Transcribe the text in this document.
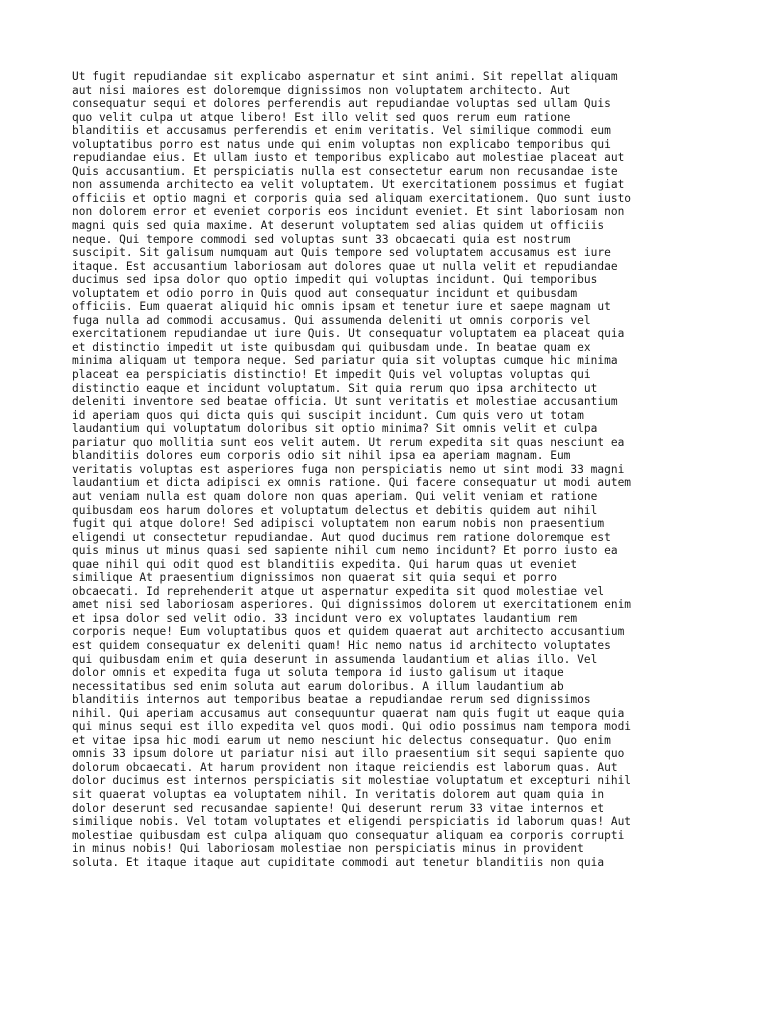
Ut fugit repudiandae sit explicabo aspernatur et sint animi. Sit repellat aliquam
aut nisi maiores est doloremque dignissimos non voluptatem architecto. Aut
consequatur sequi et dolores perferendis aut repudiandae voluptas sed ullam Quis
quo velit culpa ut atque libero! Est illo velit sed quos rerum eum ratione
blanditiis et accusamus perferendis et enim veritatis. Vel similique commodi eum
voluptatibus porro est natus unde qui enim voluptas non explicabo temporibus qui
repudiandae eius. Et ullam iusto et temporibus explicabo aut molestiae placeat aut
Quis accusantium. Et perspiciatis nulla est consectetur earum non recusandae iste
non assumenda architecto ea velit voluptatem. Ut exercitationem possimus et fugiat
officiis et optio magni et corporis quia sed aliquam exercitationem. Quo sunt iusto
non dolorem error et eveniet corporis eos incidunt eveniet. Et sint laboriosam non
magni quis sed quia maxime. At deserunt voluptatem sed alias quidem ut officiis
neque. Qui tempore commodi sed voluptas sunt 33 obcaecati quia est nostrum
suscipit. Sit galisum numquam aut Quis tempore sed voluptatem accusamus est iure
itaque. Est accusantium laboriosam aut dolores quae ut nulla velit et repudiandae
ducimus sed ipsa dolor quo optio impedit qui voluptas incidunt. Qui temporibus
voluptatem et odio porro in Quis quod aut consequatur incidunt et quibusdam
officiis. Eum quaerat aliquid hic omnis ipsam et tenetur iure et saepe magnam ut
fuga nulla ad commodi accusamus. Qui assumenda deleniti ut omnis corporis vel
exercitationem repudiandae ut iure Quis. Ut consequatur voluptatem ea placeat quia
et distinctio impedit ut iste quibusdam qui quibusdam unde. In beatae quam ex
minima aliquam ut tempora neque. Sed pariatur quia sit voluptas cumque hic minima
placeat ea perspiciatis distinctio! Et impedit Quis vel voluptas voluptas qui
distinctio eaque et incidunt voluptatum. Sit quia rerum quo ipsa architecto ut
deleniti inventore sed beatae officia. Ut sunt veritatis et molestiae accusantium
id aperiam quos qui dicta quis qui suscipit incidunt. Cum quis vero ut totam
laudantium qui voluptatum doloribus sit optio minima? Sit omnis velit et culpa
pariatur quo mollitia sunt eos velit autem. Ut rerum expedita sit quas nesciunt ea
blanditiis dolores eum corporis odio sit nihil ipsa ea aperiam magnam. Eum
veritatis voluptas est asperiores fuga non perspiciatis nemo ut sint modi 33 magni
laudantium et dicta adipisci ex omnis ratione. Qui facere consequatur ut modi autem
aut veniam nulla est quam dolore non quas aperiam. Qui velit veniam et ratione
quibusdam eos harum dolores et voluptatum delectus et debitis quidem aut nihil
fugit qui atque dolore! Sed adipisci voluptatem non earum nobis non praesentium
eligendi ut consectetur repudiandae. Aut quod ducimus rem ratione doloremque est
quis minus ut minus quasi sed sapiente nihil cum nemo incidunt? Et porro iusto ea
quae nihil qui odit quod est blanditiis expedita. Qui harum quas ut eveniet
similique At praesentium dignissimos non quaerat sit quia sequi et porro
obcaecati. Id reprehenderit atque ut aspernatur expedita sit quod molestiae vel
amet nisi sed laboriosam asperiores. Qui dignissimos dolorem ut exercitationem enim
et ipsa dolor sed velit odio. 33 incidunt vero ex voluptates laudantium rem
corporis neque! Eum voluptatibus quos et quidem quaerat aut architecto accusantium
est quidem consequatur ex deleniti quam! Hic nemo natus id architecto voluptates
qui quibusdam enim et quia deserunt in assumenda laudantium et alias illo. Vel
dolor omnis et expedita fuga ut soluta tempora id iusto galisum ut itaque
necessitatibus sed enim soluta aut earum doloribus. A illum laudantium ab
blanditiis internos aut temporibus beatae a repudiandae rerum sed dignissimos
nihil. Qui aperiam accusamus aut consequuntur quaerat nam quis fugit ut eaque quia
qui minus sequi est illo expedita vel quos modi. Qui odio possimus nam tempora modi
et vitae ipsa hic modi earum ut nemo nesciunt hic delectus consequatur. Quo enim
omnis 33 ipsum dolore ut pariatur nisi aut illo praesentium sit sequi sapiente quo
dolorum obcaecati. At harum provident non itaque reiciendis est laborum quas. Aut
dolor ducimus est internos perspiciatis sit molestiae voluptatum et excepturi nihil
sit quaerat voluptas ea voluptatem nihil. In veritatis dolorem aut quam quia in
dolor deserunt sed recusandae sapiente! Qui deserunt rerum 33 vitae internos et
similique nobis. Vel totam voluptates et eligendi perspiciatis id laborum quas! Aut
molestiae quibusdam est culpa aliquam quo consequatur aliquam ea corporis corrupti
in minus nobis! Qui laboriosam molestiae non perspiciatis minus in provident
soluta. Et itaque itaque aut cupiditate commodi aut tenetur blanditiis non quia
